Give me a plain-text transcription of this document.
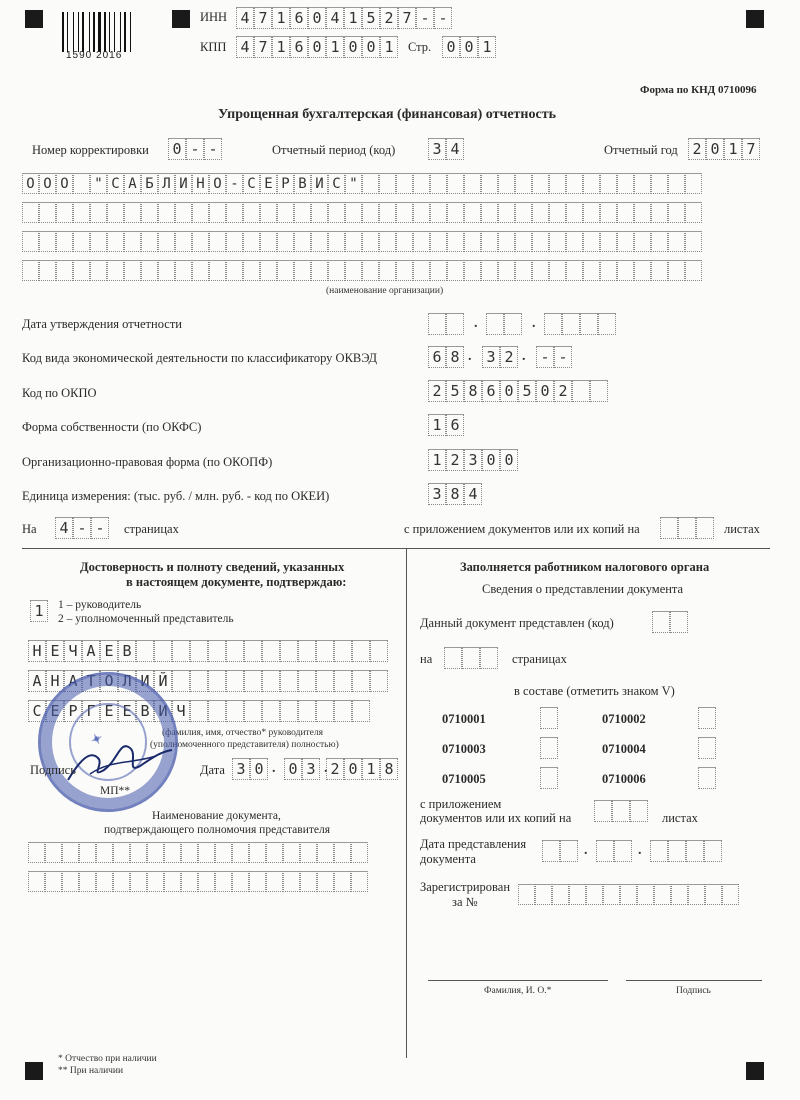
1590 2016
ИНН 4 7 1 6 0 4 1 5 2 7 - -
КПП 4 7 1 6 0 1 0 0 1	Стр. 0 0 1
Форма по КНД 0710096
Упрощенная бухгалтерская (финансовая) отчетность
Номер корректировки 0 - -	Отчетный период (код) 3 4	Отчетный год 2 0 1 7
О О О	" С А Б Л И Н О - С Е Р В И С "
(наименование организации)
Дата утверждения отчетности	.	.
Код вида экономической деятельности по классификатору ОКВЭД	6 8 . 3 2 . - -
Код по ОКПО	2 5 8 6 0 5 0 2
Форма собственности (по ОКФС)	1 6
Организационно-правовая форма (по ОКОПФ)	1 2 3 0 0
Единица измерения: (тыс. руб. / млн. руб. - код по ОКЕИ)	3 8 4
На 4 - -	страницах	с приложением документов или их копий на	листах
Достоверность и полноту сведений, указанных
в настоящем документе, подтверждаю:
1	1 – руководитель
2 – уполномоченный представитель
Н Е Ч А Е В
А Н А Т О Л И Й
С Е Р Г Е Е В И Ч
(фамилия, имя, отчество* руководителя
(уполномоченного представителя) полностью)
✦
Подпись	Дата 3 0 . 0 3 . 2 0 1 8
МП**
Наименование документа,
подтверждающего полномочия представителя
Заполняется работником налогового органа
Сведения о представлении документа
Данный документ представлен (код)
на	страницах
в составе (отметить знаком V)
0710001	0710002
0710003	0710004
0710005	0710006
с приложением
документов или их копий на	листах
Дата представления
документа
.	.
Зарегистрирован
за №
Фамилия, И. О.*	Подпись
* Отчество при наличии
** При наличии
